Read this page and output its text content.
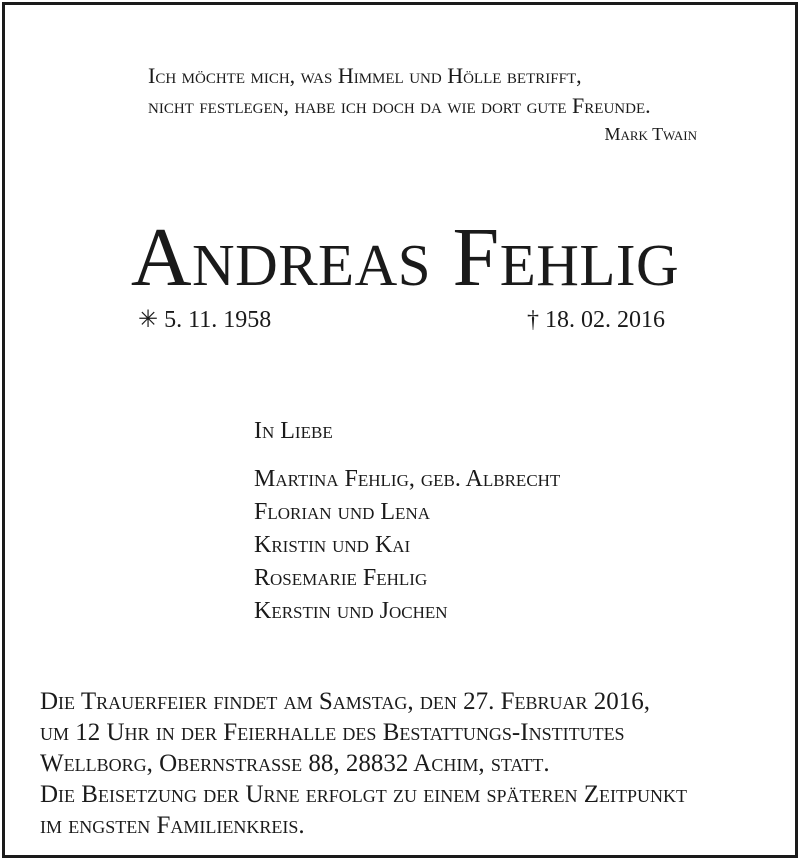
Ich möchte mich, was Himmel und Hölle betrifft,
nicht festlegen, habe ich doch da wie dort gute Freunde.
Mark Twain
Andreas Fehlig
✳ 5. 11. 1958	† 18. 02. 2016
In Liebe
Martina Fehlig, geb. Albrecht
Florian und Lena
Kristin und Kai
Rosemarie Fehlig
Kerstin und Jochen
Die Trauerfeier findet am Samstag, den 27. Februar 2016,
um 12 Uhr in der Feierhalle des Bestattungs-Institutes
Wellborg, Obernstrasse 88, 28832 Achim, statt.
Die Beisetzung der Urne erfolgt zu einem späteren Zeitpunkt
im engsten Familienkreis.
